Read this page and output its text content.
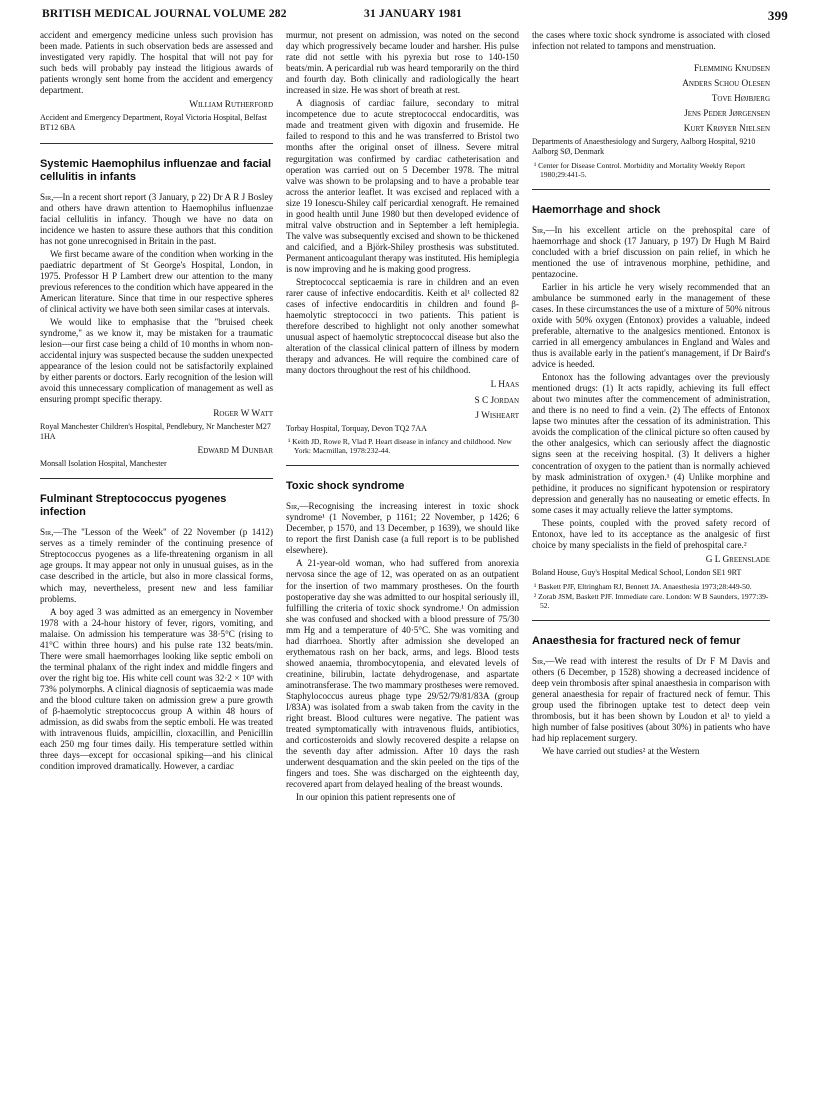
BRITISH MEDICAL JOURNAL VOLUME 282	31 JANUARY 1981	399

accident and emergency medicine unless such provision has been made. Patients in such observation beds are assessed and investigated very rapidly. The hospital that will not pay for such beds will probably pay instead the litigious awards of patients wrongly sent home from the accident and emergency department.

William Rutherford
Accident and Emergency Department, Royal Victoria Hospital, Belfast BT12 6BA
Systemic Haemophilus influenzae and facial cellulitis in infants

Sir,—In a recent short report (3 January, p 22) Dr A R J Bosley and others have drawn attention to Haemophilus influenzae facial cellulitis in infancy. Though we have no data on incidence we hasten to assure these authors that this condition has not gone unrecognised in Britain in the past.

We first became aware of the condition when working in the paediatric department of St George's Hospital, London, in 1975. Professor H P Lambert drew our attention to the many previous references to the condition which have appeared in the American literature. Since that time in our respective spheres of clinical activity we have both seen similar cases at intervals.

We would like to emphasise that the "bruised cheek syndrome," as we know it, may be mistaken for a traumatic lesion—our first case being a child of 10 months in whom non-accidental injury was suspected because the sudden unexpected appearance of the lesion could not be satisfactorily explained by either parents or doctors. Early recognition of the lesion will avoid this unnecessary complication of management as well as ensuring prompt specific therapy.

Roger W Watt
Royal Manchester Children's Hospital, Pendlebury, Nr Manchester M27 1HA
Edward M Dunbar
Monsall Isolation Hospital, Manchester
Fulminant Streptococcus pyogenes infection

Sir,—The "Lesson of the Week" of 22 November (p 1412) serves as a timely reminder of the continuing presence of Streptococcus pyogenes as a life-threatening organism in all age groups. It may appear not only in unusual guises, as in the case described in the article, but also in more classical forms, which may, nevertheless, present new and less familiar problems.

A boy aged 3 was admitted as an emergency in November 1978 with a 24-hour history of fever, rigors, vomiting, and malaise. On admission his temperature was 38·5°C (rising to 41°C within three hours) and his pulse rate 132 beats/min. There were small haemorrhages looking like septic emboli on the terminal phalanx of the right index and middle fingers and over the right big toe. His white cell count was 32·2 × 10⁹ with 73% polymorphs. A clinical diagnosis of septicaemia was made and the blood culture taken on admission grew a pure growth of β-haemolytic streptococcus group A within 48 hours of admission, as did swabs from the septic emboli. He was treated with intravenous fluids, ampicillin, cloxacillin, and Penicillin each 250 mg four times daily. His temperature settled within three days—except for occasional spiking—and his clinical condition improved dramatically. However, a cardiac

murmur, not present on admission, was noted on the second day which progressively became louder and harsher. His pulse rate did not settle with his pyrexia but rose to 140-150 beats/min. A pericardial rub was heard temporarily on the third and fourth day. Both clinically and radiologically the heart increased in size. He was short of breath at rest.

A diagnosis of cardiac failure, secondary to mitral incompetence due to acute streptococcal endocarditis, was made and treatment given with digoxin and frusemide. He failed to respond to this and he was transferred to Bristol two months after the original onset of illness. Severe mitral regurgitation was confirmed by cardiac catheterisation and operation was carried out on 5 December 1978. The mitral valve was shown to be prolapsing and to have a probable tear across the anterior leaflet. It was excised and replaced with a size 19 Ionescu-Shiley calf pericardial xenograft. He remained in good health until June 1980 but then developed evidence of mitral valve obstruction and in September a left hemiplegia. The valve was subsequently excised and shown to be thickened and calcified, and a Björk-Shiley prosthesis was substituted. Permanent anticoagulant therapy was instituted. His hemiplegia is now improving and he is making good progress.

Streptococcal septicaemia is rare in children and an even rarer cause of infective endocarditis. Keith et al¹ collected 82 cases of infective endocarditis in children and found β-haemolytic streptococci in two patients. This patient is therefore described to highlight not only another somewhat unusual aspect of haemolytic streptococcal disease but also the alteration of the classical clinical pattern of illness by modern therapy and advances. He will require the combined care of many doctors throughout the rest of his childhood.

L Haas
S C Jordan
J Wisheart
Torbay Hospital, Torquay, Devon TQ2 7AA
¹ Keith JD, Rowe R, Vlad P. Heart disease in infancy and childhood. New York: Macmillan, 1978:232-44.
Toxic shock syndrome

Sir,—Recognising the increasing interest in toxic shock syndrome¹ (1 November, p 1161; 22 November, p 1426; 6 December, p 1570, and 13 December, p 1639), we should like to report the first Danish case (a full report is to be published elsewhere).

A 21-year-old woman, who had suffered from anorexia nervosa since the age of 12, was operated on as an outpatient for the insertion of two mammary prostheses. On the fourth postoperative day she was admitted to our hospital seriously ill, fulfilling the criteria of toxic shock syndrome.¹ On admission she was confused and shocked with a blood pressure of 75/30 mm Hg and a temperature of 40·5°C. She was vomiting and had diarrhoea. Shortly after admission she developed an erythematous rash on her back, arms, and legs. Blood tests showed anaemia, thrombocytopenia, and elevated levels of creatinine, bilirubin, lactate dehydrogenase, and aspartate aminotransferase. The two mammary prostheses were removed. Staphylococcus aureus phage type 29/52/79/81/83A (group I/83A) was isolated from a swab taken from the cavity in the right breast. Blood cultures were negative. The patient was treated symptomatically with intravenous fluids, antibiotics, and corticosteroids and slowly recovered despite a relapse on the seventh day after admission. After 10 days the rash underwent desquamation and the skin peeled on the tips of the fingers and toes. She was discharged on the eighteenth day, recovered apart from delayed healing of the breast wounds.

In our opinion this patient represents one of

the cases where toxic shock syndrome is associated with closed infection not related to tampons and menstruation.

Flemming Knudsen
Anders Schou Olesen
Tove Højbjerg
Jens Peder Jørgensen
Kurt Krøyer Nielsen
Departments of Anaesthesiology and Surgery, Aalborg Hospital, 9210 Aalborg SØ, Denmark
¹ Center for Disease Control. Morbidity and Mortality Weekly Report 1980;29:441-5.
Haemorrhage and shock

Sir,—In his excellent article on the prehospital care of haemorrhage and shock (17 January, p 197) Dr Hugh M Baird concluded with a brief discussion on pain relief, in which he mentioned the use of intravenous morphine, pethidine, and pentazocine.

Earlier in his article he very wisely recommended that an ambulance be summoned early in the management of these cases. In these circumstances the use of a mixture of 50% nitrous oxide with 50% oxygen (Entonox) provides a valuable, indeed preferable, alternative to the analgesics mentioned. Entonox is carried in all emergency ambulances in England and Wales and thus is available early in the patient's management, if Dr Baird's advice is heeded.

Entonox has the following advantages over the previously mentioned drugs: (1) It acts rapidly, achieving its full effect about two minutes after the commencement of administration, and there is no need to find a vein. (2) The effects of Entonox lapse two minutes after the cessation of its administration. This avoids the complication of the clinical picture so often caused by the other analgesics, which can seriously affect the diagnostic signs seen at the receiving hospital. (3) It delivers a higher concentration of oxygen to the patient than is normally achieved by mask administration of oxygen.¹ (4) Unlike morphine and pethidine, it produces no significant hypotension or respiratory depression and generally has no nauseating or emetic effects. In some cases it may actually relieve the latter symptoms.

These points, coupled with the proved safety record of Entonox, have led to its acceptance as the analgesic of first choice by many specialists in the field of prehospital care.²

G L Greenslade
Boland House, Guy's Hospital Medical School, London SE1 9RT
¹ Baskett PJF, Eltringham RJ, Bennett JA. Anaesthesia 1973;28:449-50.
² Zorab JSM, Baskett PJF. Immediate care. London: W B Saunders, 1977:39-52.
Anaesthesia for fractured neck of femur

Sir,—We read with interest the results of Dr F M Davis and others (6 December, p 1528) showing a decreased incidence of deep vein thrombosis after spinal anaesthesia in comparison with general anaesthesia for repair of fractured neck of femur. This group used the fibrinogen uptake test to detect deep vein thrombosis, but it has been shown by Loudon et al¹ to yield a high number of false positives (about 30%) in patients who have had hip replacement surgery.

We have carried out studies² at the Western
